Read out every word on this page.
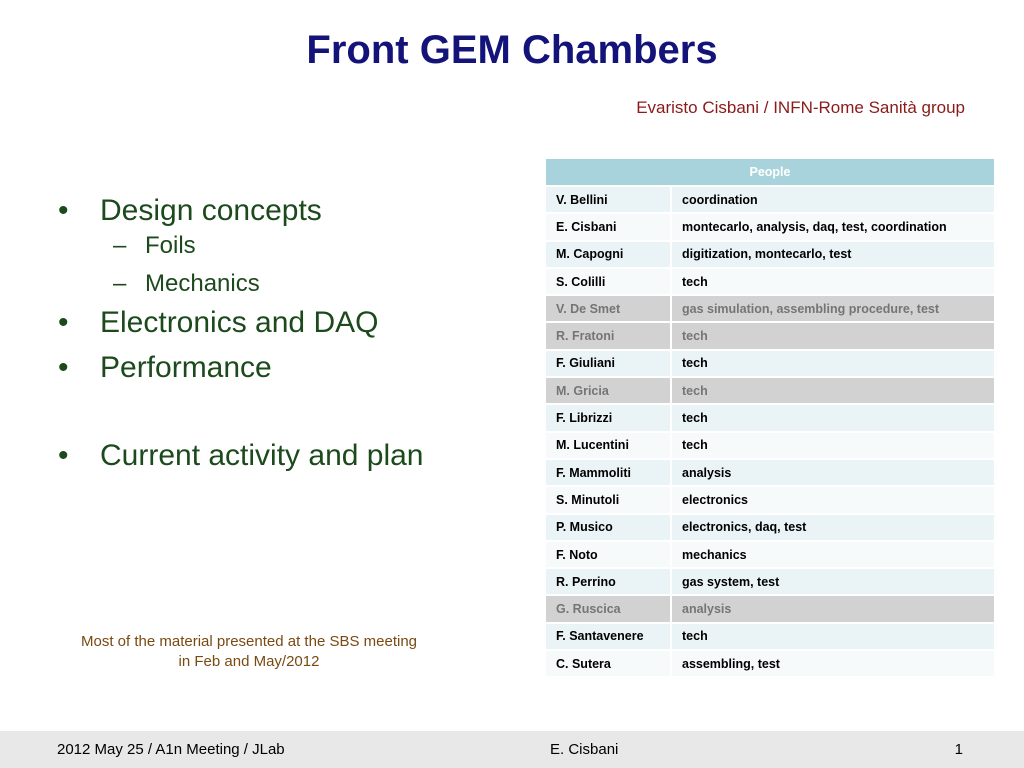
Front GEM Chambers
Evaristo Cisbani / INFN-Rome Sanità group
• Design concepts
– Foils
– Mechanics
• Electronics and DAQ
• Performance
• Current activity and plan
Most of the material presented at the SBS meeting
in Feb and May/2012
People	
V. Bellini	coordination
E. Cisbani	montecarlo, analysis, daq, test, coordination
M. Capogni	digitization, montecarlo, test
S. Colilli	tech
V. De Smet	gas simulation, assembling procedure, test
R. Fratoni	tech
F. Giuliani	tech
M. Gricia	tech
F. Librizzi	tech
M. Lucentini	tech
F. Mammoliti	analysis
S. Minutoli	electronics
P. Musico	electronics, daq, test
F. Noto	mechanics
R. Perrino	gas system, test
G. Ruscica	analysis
F. Santavenere	tech
C. Sutera	assembling, test
2012 May 25 / A1n Meeting / JLab	E. Cisbani	1
